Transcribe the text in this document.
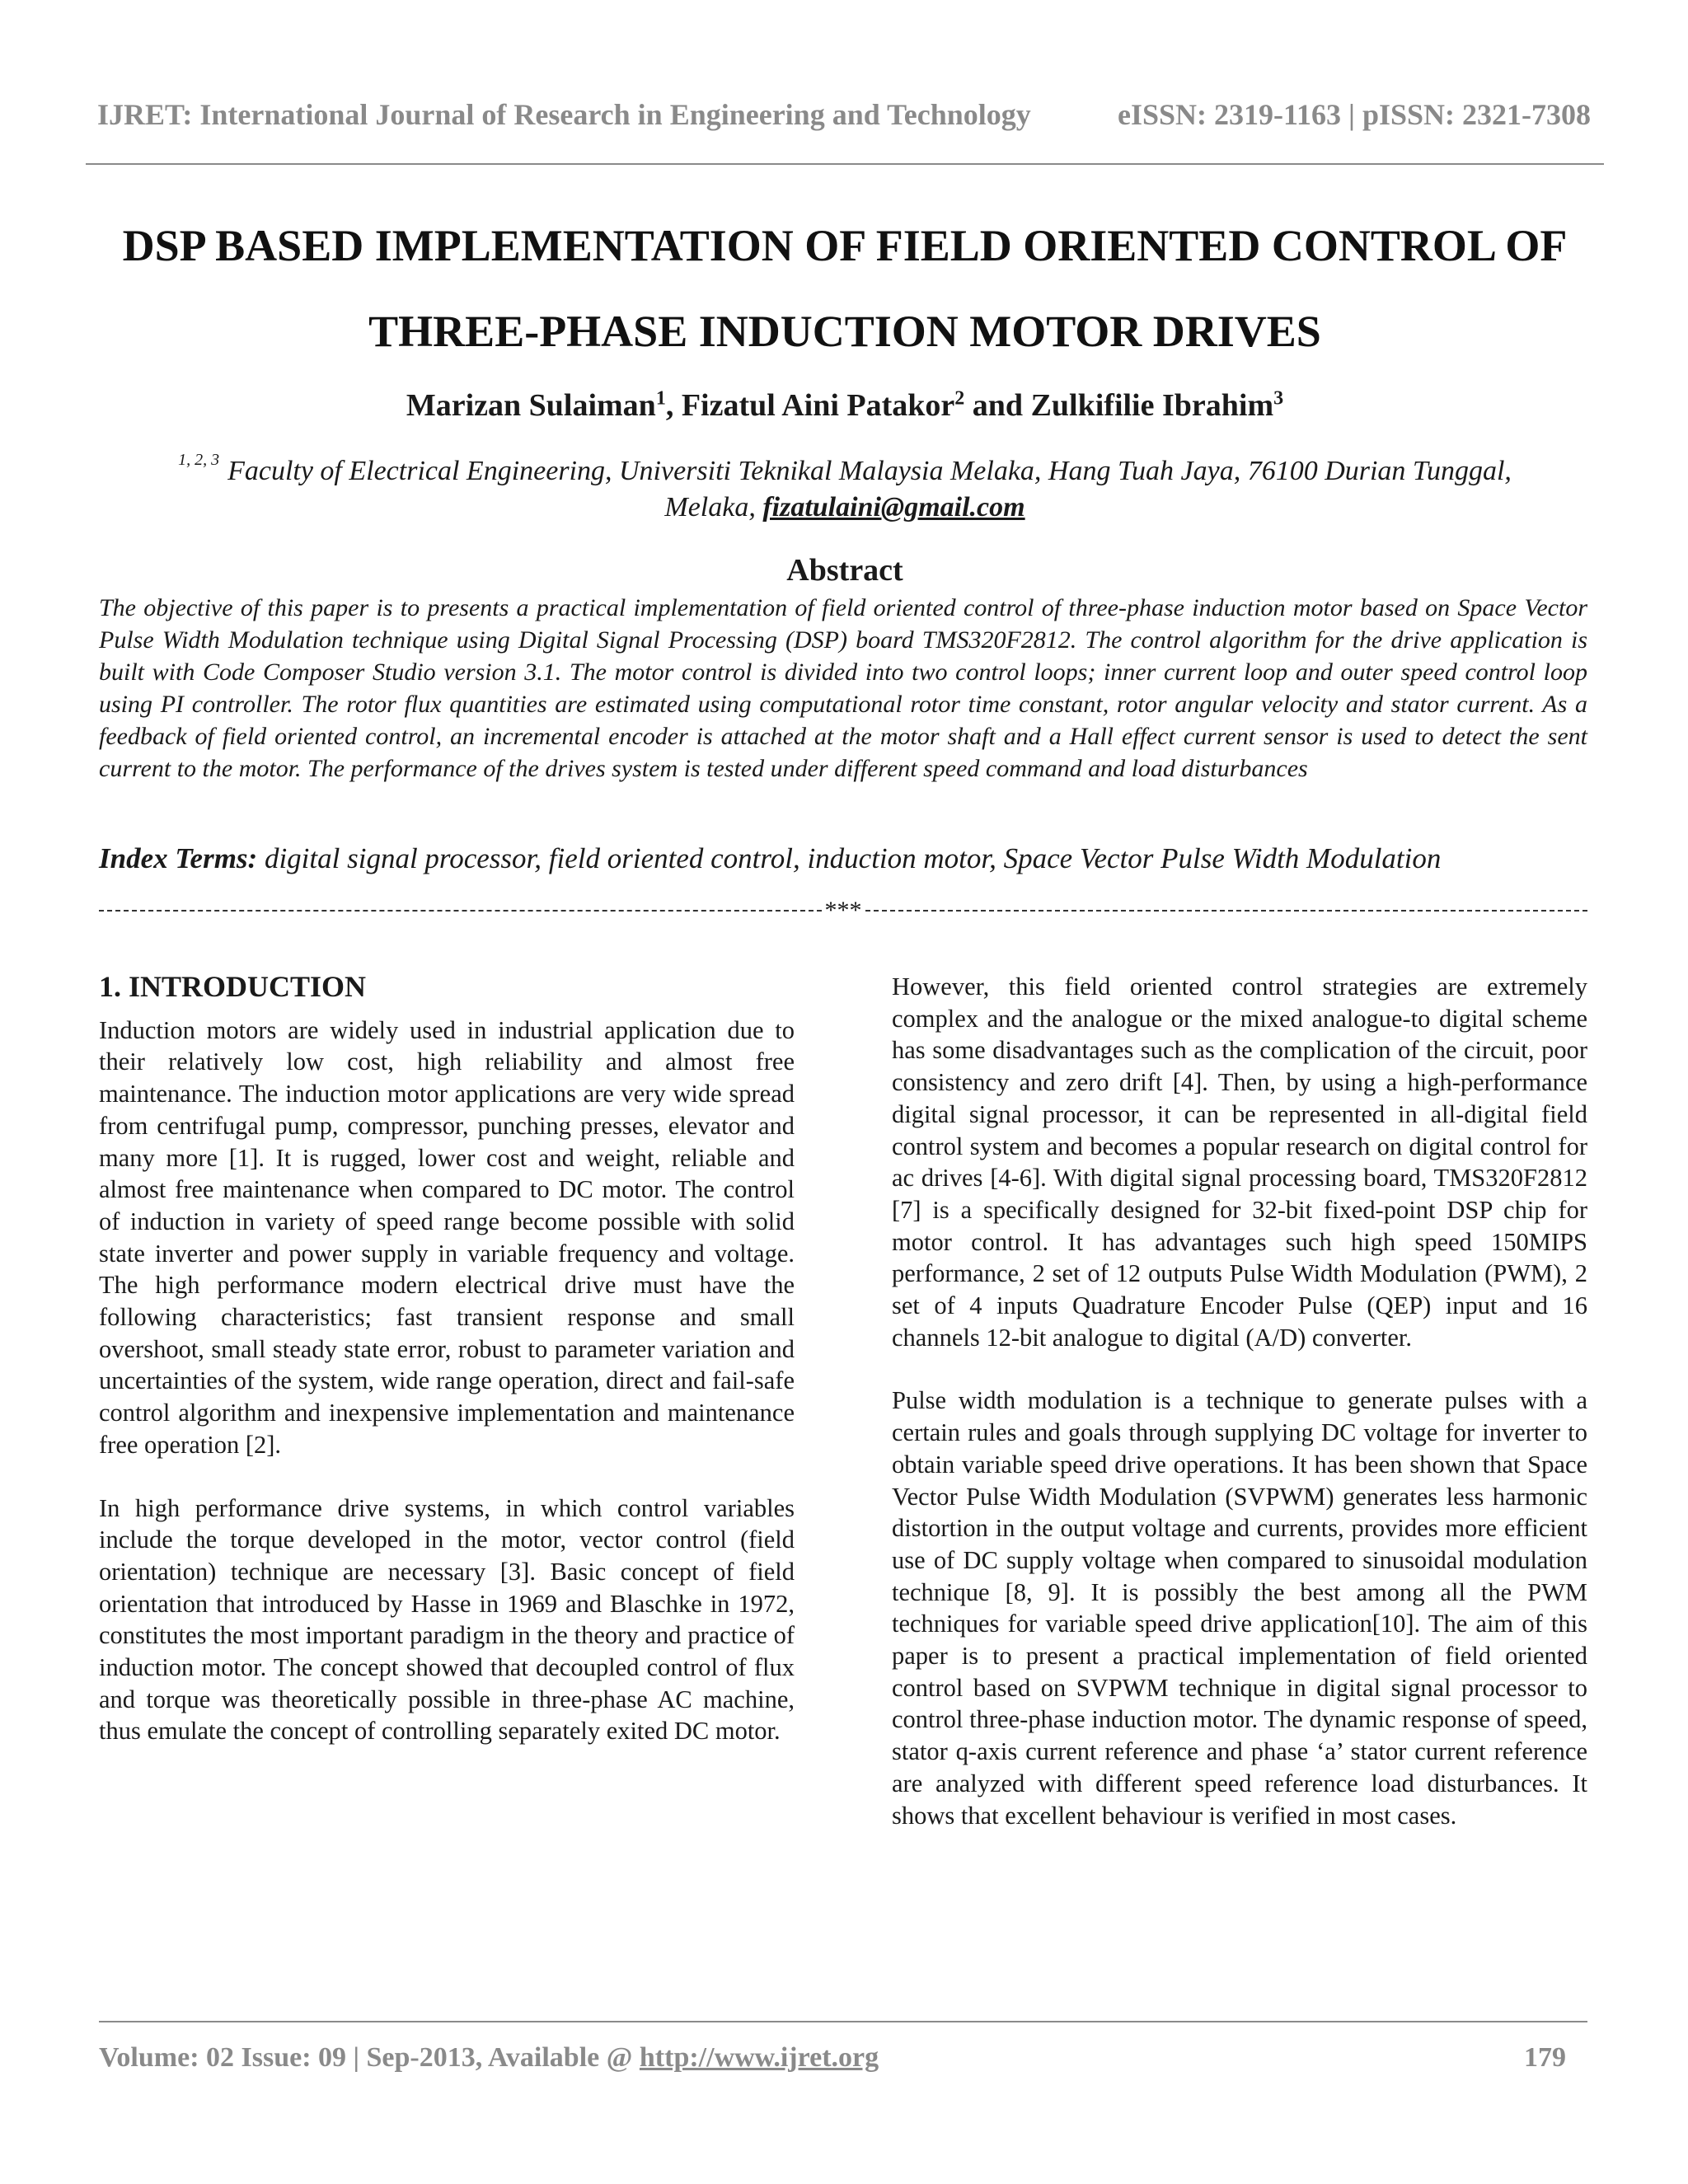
IJRET: International Journal of Research in Engineering and Technology	eISSN: 2319-1163 | pISSN: 2321-7308
DSP BASED IMPLEMENTATION OF FIELD ORIENTED CONTROL OF
THREE-PHASE INDUCTION MOTOR DRIVES
Marizan Sulaiman$^1$, Fizatul Aini Patakor$^2$ and Zulkifilie Ibrahim$^3$
$^{1, 2, 3}$ Faculty of Electrical Engineering, Universiti Teknikal Malaysia Melaka, Hang Tuah Jaya, 76100 Durian Tunggal,
Melaka, fizatulaini@gmail.com
Abstract
The objective of this paper is to presents a practical implementation of field oriented control of three-phase induction motor based on Space Vector Pulse Width Modulation technique using Digital Signal Processing (DSP) board TMS320F2812. The control algorithm for the drive application is built with Code Composer Studio version 3.1. The motor control is divided into two control loops; inner current loop and outer speed control loop using PI controller. The rotor flux quantities are estimated using computational rotor time constant, rotor angular velocity and stator current. As a feedback of field oriented control, an incremental encoder is attached at the motor shaft and a Hall effect current sensor is used to detect the sent current to the motor. The performance of the drives system is tested under different speed command and load disturbances
Index Terms: digital signal processor, field oriented control, induction motor, Space Vector Pulse Width Modulation
***
1. INTRODUCTION

Induction motors are widely used in industrial application due to their relatively low cost, high reliability and almost free maintenance. The induction motor applications are very wide spread from centrifugal pump, compressor, punching presses, elevator and many more [1]. It is rugged, lower cost and weight, reliable and almost free maintenance when compared to DC motor. The control of induction in variety of speed range become possible with solid state inverter and power supply in variable frequency and voltage. The high performance modern electrical drive must have the following characteristics; fast transient response and small overshoot, small steady state error, robust to parameter variation and uncertainties of the system, wide range operation, direct and fail-safe control algorithm and inexpensive implementation and maintenance free operation [2].

In high performance drive systems, in which control variables include the torque developed in the motor, vector control (field orientation) technique are necessary [3]. Basic concept of field orientation that introduced by Hasse in 1969 and Blaschke in 1972, constitutes the most important paradigm in the theory and practice of induction motor. The concept showed that decoupled control of flux and torque was theoretically possible in three-phase AC machine, thus emulate the concept of controlling separately exited DC motor.

However, this field oriented control strategies are extremely complex and the analogue or the mixed analogue-to digital scheme has some disadvantages such as the complication of the circuit, poor consistency and zero drift [4]. Then, by using a high-performance digital signal processor, it can be represented in all-digital field control system and becomes a popular research on digital control for ac drives [4-6]. With digital signal processing board, TMS320F2812 [7] is a specifically designed for 32-bit fixed-point DSP chip for motor control. It has advantages such high speed 150MIPS performance, 2 set of 12 outputs Pulse Width Modulation (PWM), 2 set of 4 inputs Quadrature Encoder Pulse (QEP) input and 16 channels 12-bit analogue to digital (A/D) converter.

Pulse width modulation is a technique to generate pulses with a certain rules and goals through supplying DC voltage for inverter to obtain variable speed drive operations. It has been shown that Space Vector Pulse Width Modulation (SVPWM) generates less harmonic distortion in the output voltage and currents, provides more efficient use of DC supply voltage when compared to sinusoidal modulation technique [8, 9]. It is possibly the best among all the PWM techniques for variable speed drive application[10]. The aim of this paper is to present a practical implementation of field oriented control based on SVPWM technique in digital signal processor to control three-phase induction motor. The dynamic response of speed, stator q-axis current reference and phase ‘a’ stator current reference are analyzed with different speed reference load disturbances. It shows that excellent behaviour is verified in most cases.

Volume: 02 Issue: 09 | Sep-2013, Available @ http://www.ijret.org	179
